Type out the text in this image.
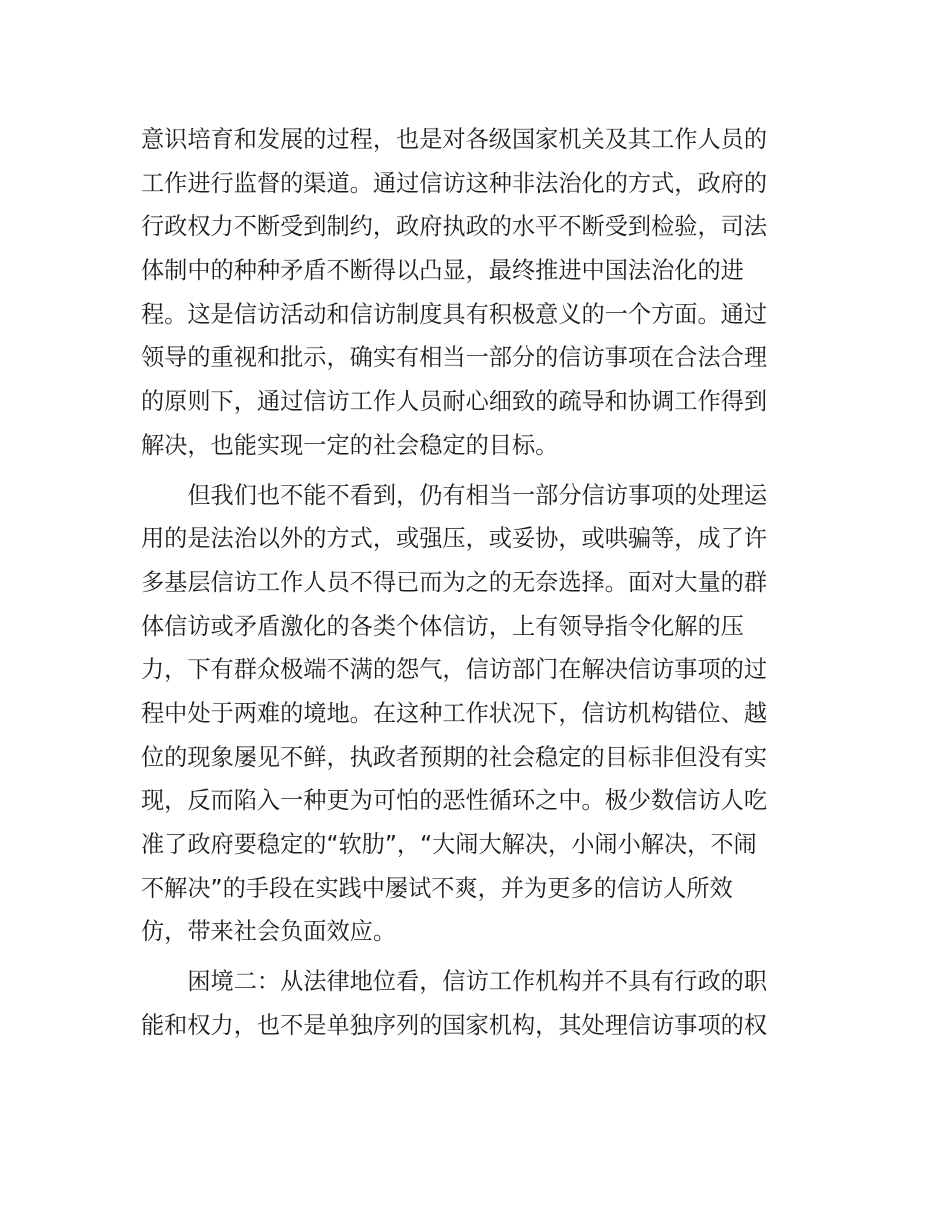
意识培育和发展的过程，也是对各级国家机关及其工作人员的
工作进行监督的渠道。通过信访这种非法治化的方式，政府的
行政权力不断受到制约，政府执政的水平不断受到检验，司法
体制中的种种矛盾不断得以凸显，最终推进中国法治化的进
程。这是信访活动和信访制度具有积极意义的一个方面。通过
领导的重视和批示，确实有相当一部分的信访事项在合法合理
的原则下，通过信访工作人员耐心细致的疏导和协调工作得到
解决，也能实现一定的社会稳定的目标。

　　但我们也不能不看到，仍有相当一部分信访事项的处理运
用的是法治以外的方式，或强压，或妥协，或哄骗等，成了许
多基层信访工作人员不得已而为之的无奈选择。面对大量的群
体信访或矛盾激化的各类个体信访，上有领导指令化解的压
力，下有群众极端不满的怨气，信访部门在解决信访事项的过
程中处于两难的境地。在这种工作状况下，信访机构错位、越
位的现象屡见不鲜，执政者预期的社会稳定的目标非但没有实
现，反而陷入一种更为可怕的恶性循环之中。极少数信访人吃
准了政府要稳定的“软肋”，“大闹大解决，小闹小解决，不闹
不解决”的手段在实践中屡试不爽，并为更多的信访人所效
仿，带来社会负面效应。

　　困境二：从法律地位看，信访工作机构并不具有行政的职
能和权力，也不是单独序列的国家机构，其处理信访事项的权
